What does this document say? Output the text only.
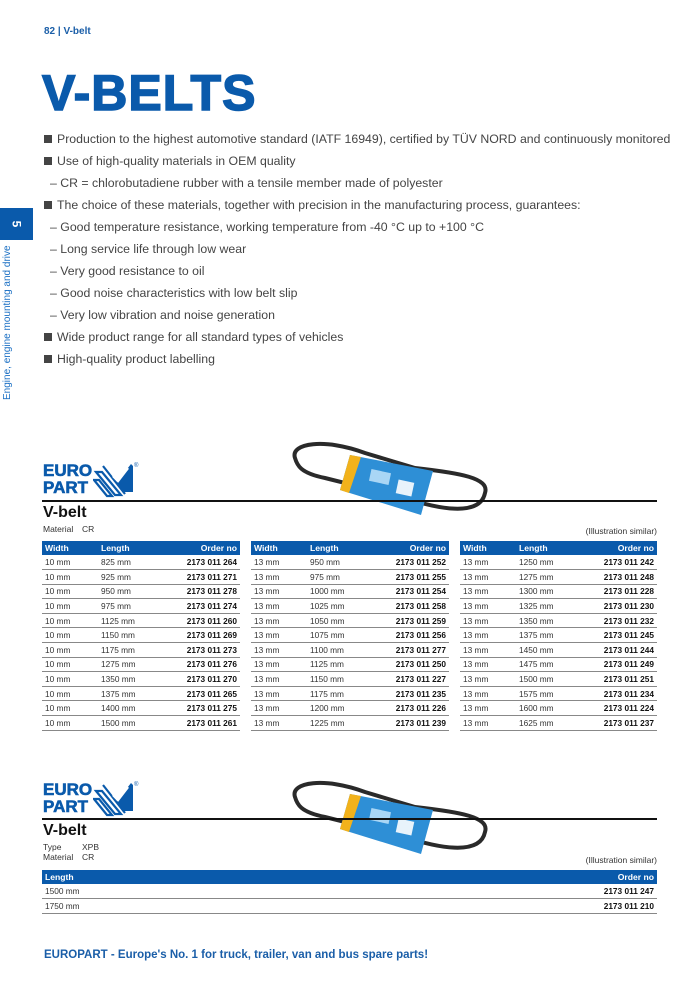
82 | V-belt
V-BELTS
5
Engine, engine mounting and drive
Production to the highest automotive standard (IATF 16949), certified by TÜV NORD and continuously monitored
Use of high-quality materials in OEM quality
– CR = chlorobutadiene rubber with a tensile member made of polyester
The choice of these materials, together with precision in the manufacturing process, guarantees:
– Good temperature resistance, working temperature from -40 °C up to +100 °C
– Long service life through low wear
– Very good resistance to oil
– Good noise characteristics with low belt slip
– Very low vibration and noise generation
Wide product range for all standard types of vehicles
High-quality product labelling
EURO
PART
®
V-belt
Material CR	(Illustration similar)
Width	Length	Order no
10 mm	825 mm	2173 011 264
10 mm	925 mm	2173 011 271
10 mm	950 mm	2173 011 278
10 mm	975 mm	2173 011 274
10 mm	1125 mm	2173 011 260
10 mm	1150 mm	2173 011 269
10 mm	1175 mm	2173 011 273
10 mm	1275 mm	2173 011 276
10 mm	1350 mm	2173 011 270
10 mm	1375 mm	2173 011 265
10 mm	1400 mm	2173 011 275
10 mm	1500 mm	2173 011 261
Width	Length	Order no
13 mm	950 mm	2173 011 252
13 mm	975 mm	2173 011 255
13 mm	1000 mm	2173 011 254
13 mm	1025 mm	2173 011 258
13 mm	1050 mm	2173 011 259
13 mm	1075 mm	2173 011 256
13 mm	1100 mm	2173 011 277
13 mm	1125 mm	2173 011 250
13 mm	1150 mm	2173 011 227
13 mm	1175 mm	2173 011 235
13 mm	1200 mm	2173 011 226
13 mm	1225 mm	2173 011 239
Width	Length	Order no
13 mm	1250 mm	2173 011 242
13 mm	1275 mm	2173 011 248
13 mm	1300 mm	2173 011 228
13 mm	1325 mm	2173 011 230
13 mm	1350 mm	2173 011 232
13 mm	1375 mm	2173 011 245
13 mm	1450 mm	2173 011 244
13 mm	1475 mm	2173 011 249
13 mm	1500 mm	2173 011 251
13 mm	1575 mm	2173 011 234
13 mm	1600 mm	2173 011 224
13 mm	1625 mm	2173 011 237
EURO
PART
®
V-belt
Type XPB
Material CR	(Illustration similar)
Length	Order no
1500 mm	2173 011 247
1750 mm	2173 011 210
EUROPART - Europe's No. 1 for truck, trailer, van and bus spare parts!
